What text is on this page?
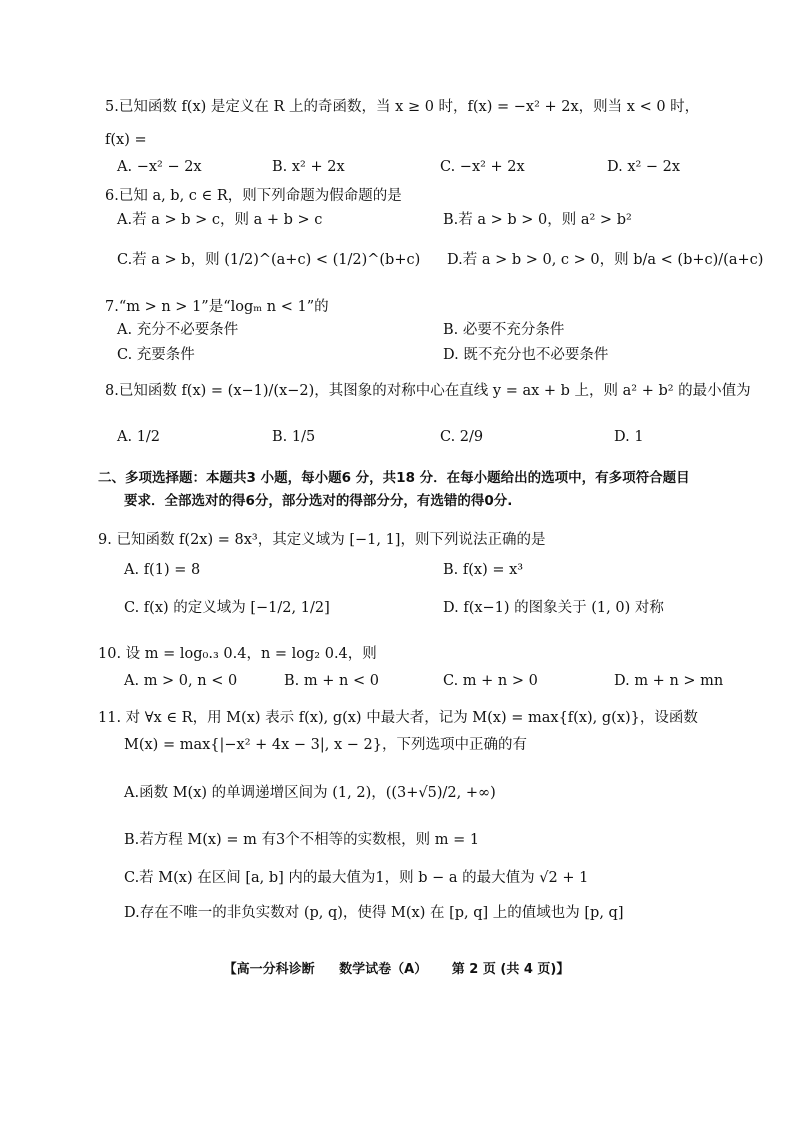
5.已知函数 f(x) 是定义在 R 上的奇函数，当 x ≥ 0 时，f(x) = −x² + 2x，则当 x < 0 时，
f(x) =
A. −x² − 2x	B. x² + 2x	C. −x² + 2x	D. x² − 2x
6.已知 a, b, c ∈ R，则下列命题为假命题的是
A.若 a > b > c，则 a + b > c	B.若 a > b > 0，则 a² > b²
C.若 a > b，则 (1/2)^(a+c) < (1/2)^(b+c) D.若 a > b > 0, c > 0，则 b/a < (b+c)/(a+c)
7.“m > n > 1”是“logₘ n < 1”的
A. 充分不必要条件	B. 必要不充分条件
C. 充要条件	D. 既不充分也不必要条件
8.已知函数 f(x) = (x−1)/(x−2)，其图象的对称中心在直线 y = ax + b 上，则 a² + b² 的最小值为
A. 1/2	B. 1/5	C. 2/9	D. 1
9. 已知函数 f(2x) = 8x³，其定义域为 [−1, 1]，则下列说法正确的是
A. f(1) = 8	B. f(x) = x³
C. f(x) 的定义域为 [−1/2, 1/2]	D. f(x−1) 的图象关于 (1, 0) 对称
10. 设 m = log₀.₃ 0.4，n = log₂ 0.4，则
A. m > 0, n < 0	B. m + n < 0	C. m + n > 0	D. m + n > mn
11. 对 ∀x ∈ R，用 M(x) 表示 f(x), g(x) 中最大者，记为 M(x) = max{f(x), g(x)}，设函数
M(x) = max{|−x² + 4x − 3|, x − 2}，下列选项中正确的有
A.函数 M(x) 的单调递增区间为 (1, 2)，((3+√5)/2, +∞)
B.若方程 M(x) = m 有3个不相等的实数根，则 m = 1
C.若 M(x) 在区间 [a, b] 内的最大值为1，则 b − a 的最大值为 √2 + 1
D.存在不唯一的非负实数对 (p, q)，使得 M(x) 在 [p, q] 上的值域也为 [p, q]
二、多项选择题：本题共3 小题，每小题6 分，共18 分．在每小题给出的选项中，有多项符合题目
要求．全部选对的得6分，部分选对的得部分分，有选错的得0分.
【高一分科诊断 数学试卷（A） 第 2 页 (共 4 页)】
